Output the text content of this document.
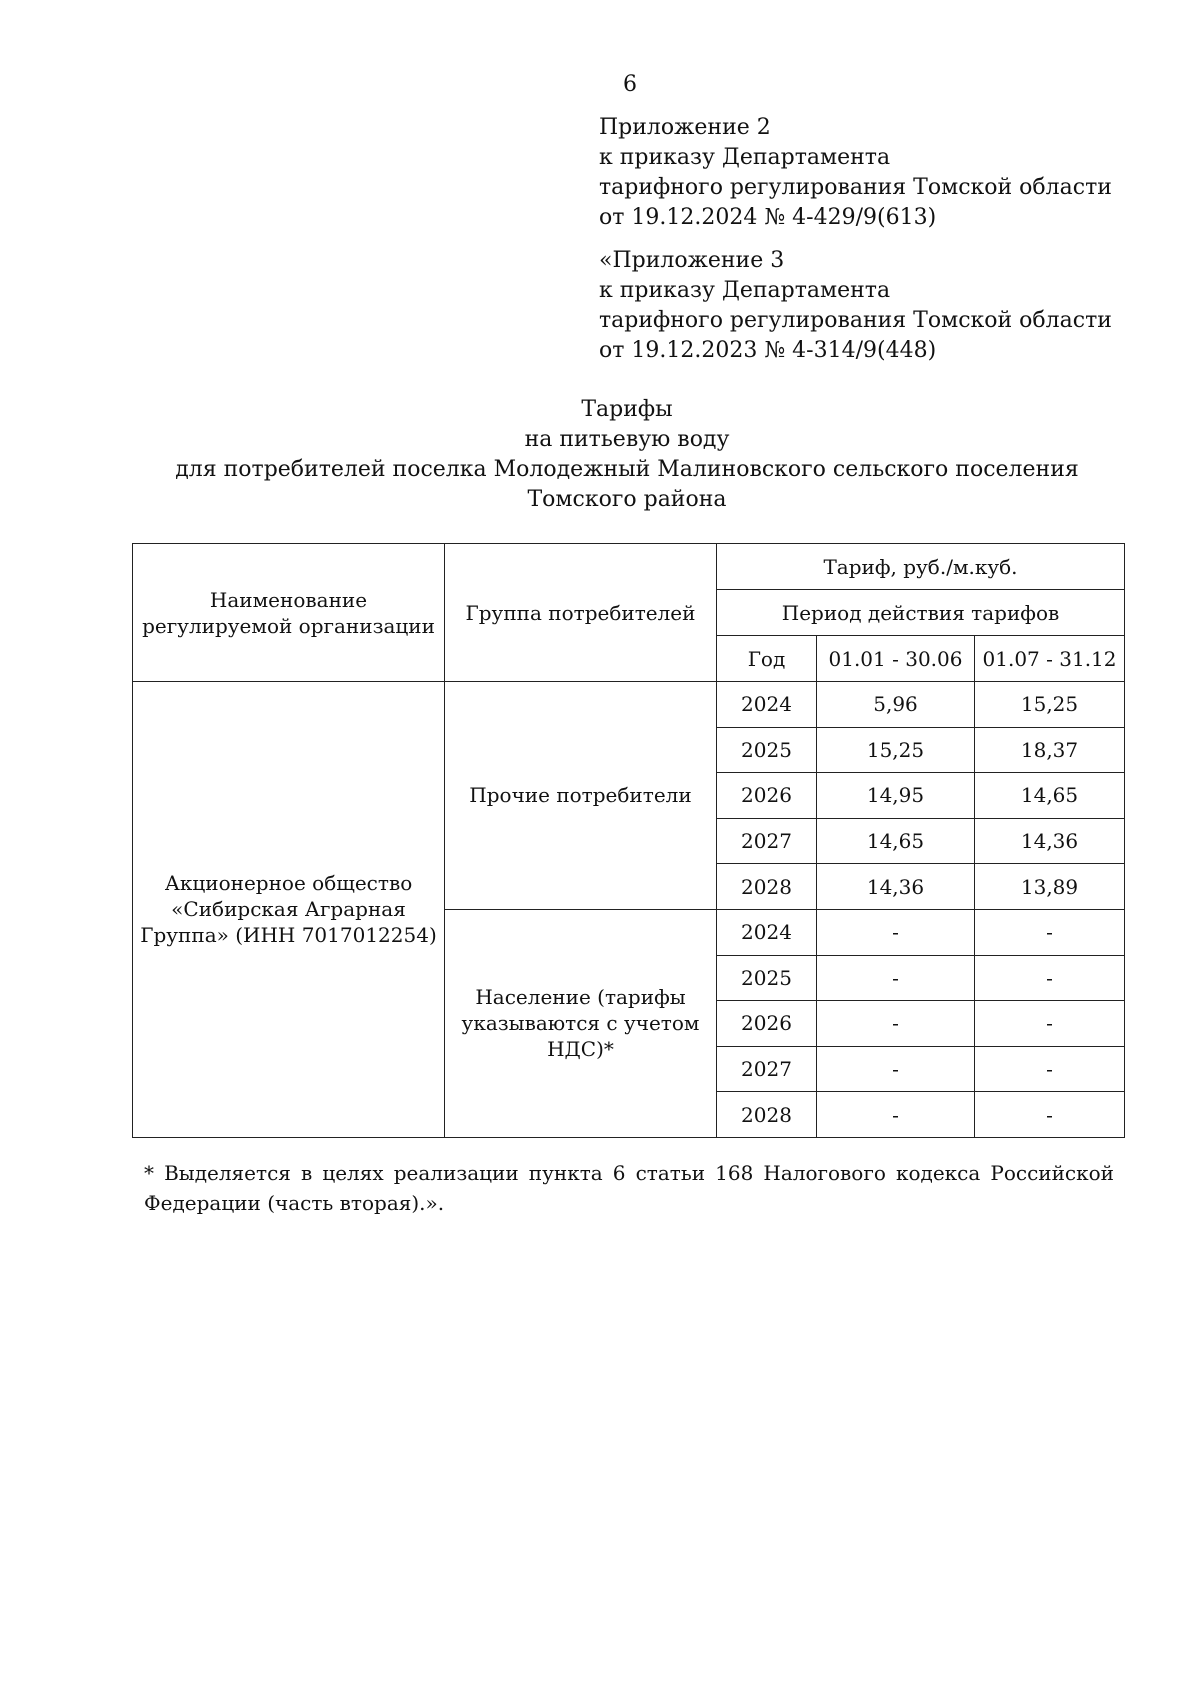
6
Приложение 2
к приказу Департамента
тарифного регулирования Томской области
от 19.12.2024 № 4-429/9(613)
«Приложение 3
к приказу Департамента
тарифного регулирования Томской области
от 19.12.2023 № 4-314/9(448)
Тарифы
на питьевую воду
для потребителей поселка Молодежный Малиновского сельского поселения
Томского района
Наименование регулируемой организации	Группа потребителей	Тариф, руб./м.куб.		
		Период действия тарифов		
		Год	01.01 - 30.06	01.07 - 31.12
Акционерное общество «Сибирская Аграрная Группа» (ИНН 7017012254)	Прочие потребители	2024	5,96	15,25
		2025	15,25	18,37
		2026	14,95	14,65
		2027	14,65	14,36
		2028	14,36	13,89
	Население (тарифы указываются с учетом НДС)*	2024	-	-
		2025	-	-
		2026	-	-
		2027	-	-
		2028	-	-
* Выделяется в целях реализации пункта 6 статьи 168 Налогового кодекса Российской
Федерации (часть вторая).».
